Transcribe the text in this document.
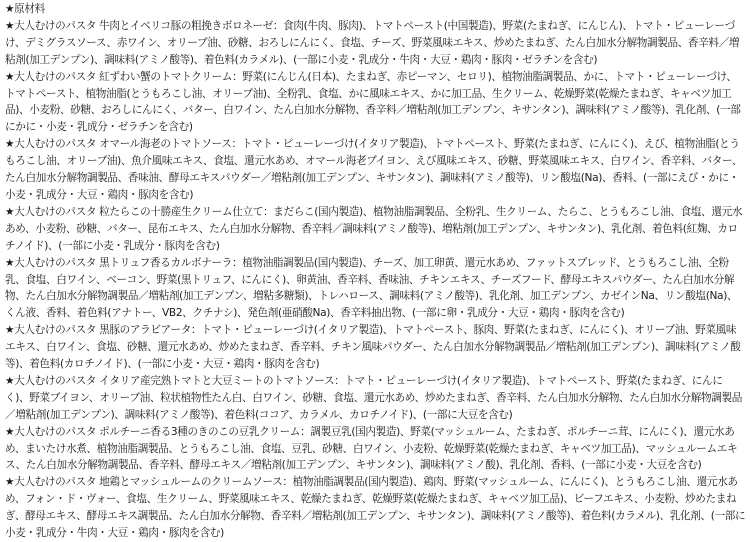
★原材料

★大人むけのパスタ 牛肉とイベリコ豚の粗挽きボロネーゼ：食肉(牛肉、豚肉)、トマトペースト(中国製造)、野菜(たまねぎ、にんじん)、トマト・ピューレーづけ、デミグラスソース、赤ワイン、オリーブ油、砂糖、おろしにんにく、食塩、チーズ、野菜風味エキス、炒めたまねぎ、たん白加水分解物調製品、香辛料／増粘剤(加工デンプン)、調味料(アミノ酸等)、着色料(カラメル)、(一部に小麦・乳成分・牛肉・大豆・鶏肉・豚肉・ゼラチンを含む)

★大人むけのパスタ 紅ずわい蟹のトマトクリーム：野菜(にんじん(日本)、たまねぎ、赤ピーマン、セロリ)、植物油脂調製品、かに、トマト・ピューレーづけ、トマトペースト、植物油脂(とうもろこし油、オリーブ油)、全粉乳、食塩、かに風味エキス、かに加工品、生クリーム、乾燥野菜(乾燥たまねぎ、キャベツ加工品)、小麦粉、砂糖、おろしにんにく、バター、白ワイン、たん白加水分解物、香辛料／増粘剤(加工デンプン、キサンタン)、調味料(アミノ酸等)、乳化剤、(一部にかに・小麦・乳成分・ゼラチンを含む)

★大人むけのパスタ オマール海老のトマトソース：トマト・ピューレーづけ(イタリア製造)、トマトペースト、野菜(たまねぎ、にんにく)、えび、植物油脂(とうもろこし油、オリーブ油)、魚介風味エキス、食塩、還元水あめ、オマール海老ブイヨン、えび風味エキス、砂糖、野菜風味エキス、白ワイン、香辛料、バター、たん白加水分解物調製品、香味油、酵母エキスパウダー／増粘剤(加工デンプン、キサンタン)、調味料(アミノ酸等)、リン酸塩(Na)、香料、(一部にえび・かに・小麦・乳成分・大豆・鶏肉・豚肉を含む)

★大人むけのパスタ 粒たらこの十勝産生クリーム仕立て：まだらこ(国内製造)、植物油脂調製品、全粉乳、生クリーム、たらこ、とうもろこし油、食塩、還元水あめ、小麦粉、砂糖、バター、昆布エキス、たん白加水分解物、香辛料／調味料(アミノ酸等)、増粘剤(加工デンプン、キサンタン)、乳化剤、着色料(紅麹、カロチノイド)、(一部に小麦・乳成分・豚肉を含む)

★大人むけのパスタ 黒トリュフ香るカルボナーラ：植物油脂調製品(国内製造)、チーズ、加工卵黄、還元水あめ、ファットスプレッド、とうもろこし油、全粉乳、食塩、白ワイン、ベーコン、野菜(黒トリュフ、にんにく)、卵黄油、香辛料、香味油、チキンエキス、チーズフード、酵母エキスパウダー、たん白加水分解物、たん白加水分解物調製品／増粘剤(加工デンプン、増粘多糖類)、トレハロース、調味料(アミノ酸等)、乳化剤、加工デンプン、カゼインNa、リン酸塩(Na)、くん液、香料、着色料(アナトー、VB2、クチナシ)、発色剤(亜硝酸Na)、香辛料抽出物、(一部に卵・乳成分・大豆・鶏肉・豚肉を含む)

★大人むけのパスタ 黒豚のアラビアータ：トマト・ピューレーづけ(イタリア製造)、トマトペースト、豚肉、野菜(たまねぎ、にんにく)、オリーブ油、野菜風味エキス、白ワイン、食塩、砂糖、還元水あめ、炒めたまねぎ、香辛料、チキン風味パウダー、たん白加水分解物調製品／増粘剤(加工デンプン)、調味料(アミノ酸等)、着色料(カロチノイド)、(一部に小麦・大豆・鶏肉・豚肉を含む)

★大人むけのパスタ イタリア産完熟トマトと大豆ミートのトマトソース：トマト・ピューレーづけ(イタリア製造)、トマトペースト、野菜(たまねぎ、にんにく)、野菜ブイヨン、オリーブ油、粒状植物性たん白、白ワイン、砂糖、食塩、還元水あめ、炒めたまねぎ、香辛料、たん白加水分解物、たん白加水分解物調製品／増粘剤(加工デンプン)、調味料(アミノ酸等)、着色料(ココア、カラメル、カロチノイド)、(一部に大豆を含む)

★大人むけのパスタ ポルチーニ香る3種のきのこの豆乳クリーム：調製豆乳(国内製造)、野菜(マッシュルーム、たまねぎ、ポルチーニ茸、にんにく)、還元水あめ、まいたけ水煮、植物油脂調製品、とうもろこし油、食塩、豆乳、砂糖、白ワイン、小麦粉、乾燥野菜(乾燥たまねぎ、キャベツ加工品)、マッシュルームエキス、たん白加水分解物調製品、香辛料、酵母エキス／増粘剤(加工デンプン、キサンタン)、調味料(アミノ酸)、乳化剤、香料、(一部に小麦・大豆を含む)

★大人むけのパスタ 地鶏とマッシュルームのクリームソース：植物油脂調製品(国内製造)、鶏肉、野菜(マッシュルーム、にんにく)、とうもろこし油、還元水あめ、フォン・ド・ヴォー、食塩、生クリーム、野菜風味エキス、乾燥たまねぎ、乾燥野菜(乾燥たまねぎ、キャベツ加工品)、ビーフエキス、小麦粉、炒めたまねぎ、酵母エキス、酵母エキス調製品、たん白加水分解物、香辛料／増粘剤(加工デンプン、キサンタン)、調味料(アミノ酸等)、着色料(カラメル)、乳化剤、(一部に小麦・乳成分・牛肉・大豆・鶏肉・豚肉を含む)
